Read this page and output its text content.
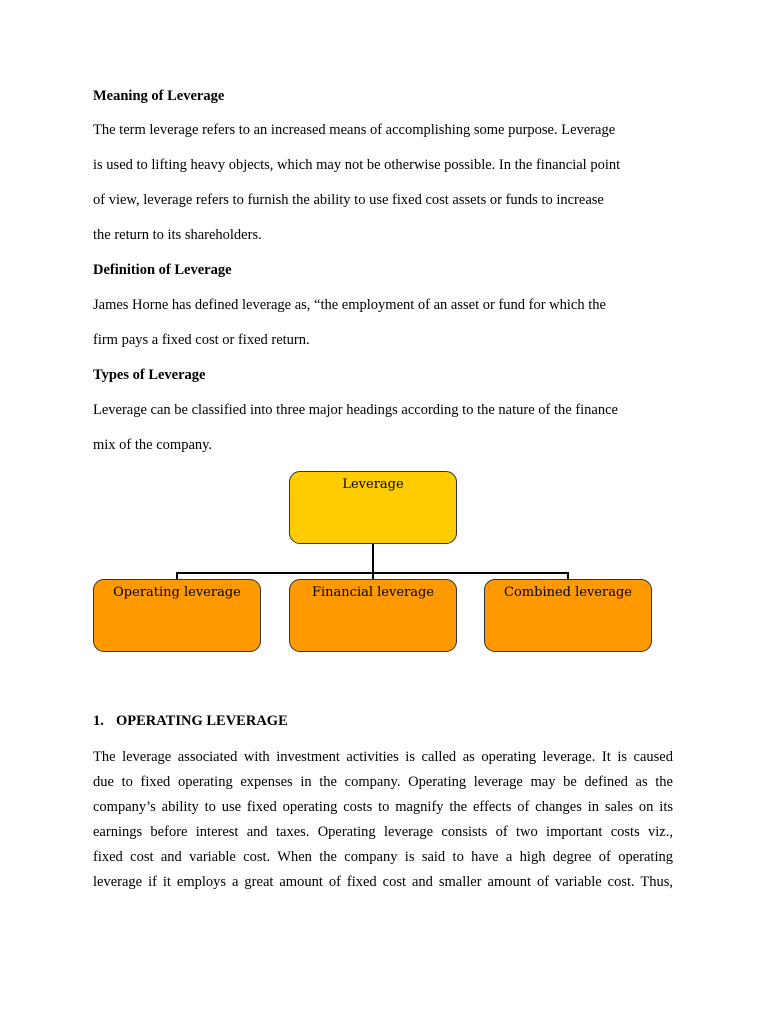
Meaning of Leverage

The term leverage refers to an increased means of accomplishing some purpose. Leverage

is used to lifting heavy objects, which may not be otherwise possible. In the financial point

of view, leverage refers to furnish the ability to use fixed cost assets or funds to increase

the return to its shareholders.

Definition of Leverage

James Horne has defined leverage as, “the employment of an asset or fund for which the

firm pays a fixed cost or fixed return.

Types of Leverage

Leverage can be classified into three major headings according to the nature of the finance

mix of the company.

Leverage
Operating leverage	Financial leverage	Combined leverage

1. OPERATING LEVERAGE

The leverage associated with investment activities is called as operating leverage. It is caused

due to fixed operating expenses in the company. Operating leverage may be defined as the

company’s ability to use fixed operating costs to magnify the effects of changes in sales on its

earnings before interest and taxes. Operating leverage consists of two important costs viz.,

fixed cost and variable cost. When the company is said to have a high degree of operating

leverage if it employs a great amount of fixed cost and smaller amount of variable cost. Thus,
